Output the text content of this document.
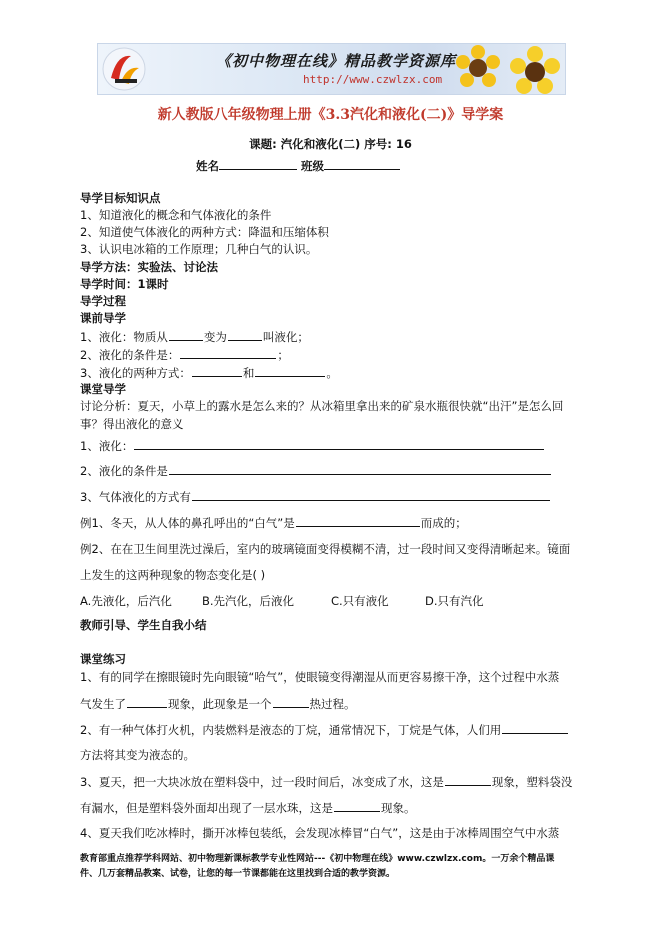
《初中物理在线》精品教学资源库
http://www.czwlzx.com
新人教版八年级物理上册《3.3汽化和液化(二)》导学案
课题: 汽化和液化(二) 序号: 16
姓名	班级
导学目标知识点
1、知道液化的概念和气体液化的条件
2、知道使气体液化的两种方式：降温和压缩体积
3、认识电冰箱的工作原理；几种白气的认识。
导学方法：实验法、讨论法
导学时间：1课时
导学过程
课前导学
1、液化：物质从	变为	叫液化；
2、液化的条件是：	；
3、液化的两种方式：	和	。
课堂导学
讨论分析：夏天，小草上的露水是怎么来的？从冰箱里拿出来的矿泉水瓶很快就“出汗”是怎么回
事？得出液化的意义
1、液化：
2、液化的条件是
3、气体液化的方式有
例1、冬天，从人体的鼻孔呼出的“白气”是	而成的；
例2、在在卫生间里洗过澡后，室内的玻璃镜面变得模糊不清，过一段时间又变得清晰起来。镜面
上发生的这两种现象的物态变化是( )
A.先液化，后汽化	B.先汽化，后液化	C.只有液化	D.只有汽化
教师引导、学生自我小结
课堂练习
1、有的同学在擦眼镜时先向眼镜“哈气”，使眼镜变得潮湿从而更容易擦干净，这个过程中水蒸
气发生了	现象，此现象是一个	热过程。
2、有一种气体打火机，内装燃料是液态的丁烷，通常情况下，丁烷是气体，人们用
方法将其变为液态的。
3、夏天，把一大块冰放在塑料袋中，过一段时间后，冰变成了水，这是	现象，塑料袋没
有漏水，但是塑料袋外面却出现了一层水珠，这是	现象。
4、夏天我们吃冰棒时，撕开冰棒包装纸，会发现冰棒冒“白气”，这是由于冰棒周围空气中水蒸
教育部重点推荐学科网站、初中物理新课标教学专业性网站---《初中物理在线》www.czwlzx.com。一万余个精品课
件、几万套精品教案、试卷，让您的每一节课都能在这里找到合适的教学资源。
